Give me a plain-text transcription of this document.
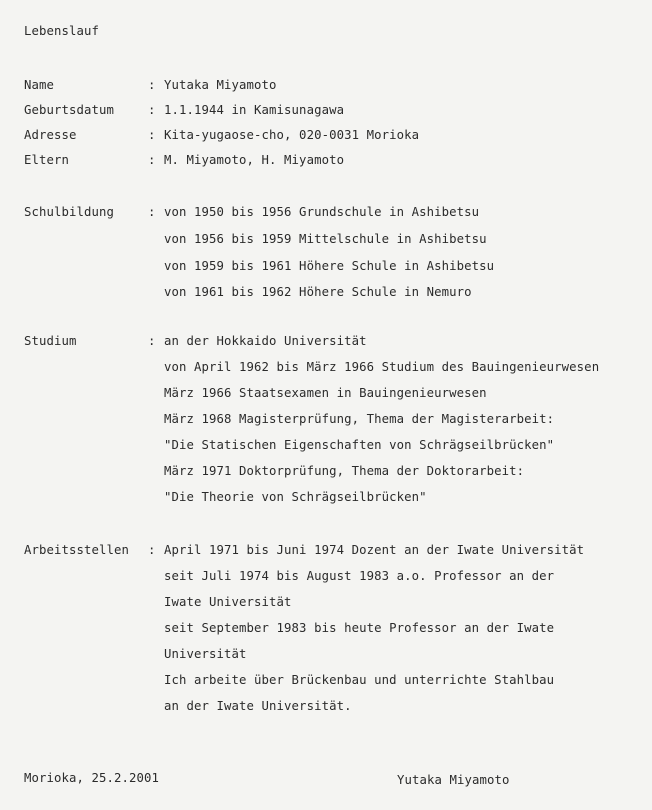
Lebenslauf
Name	: Yutaka Miyamoto
Geburtsdatum	: 1.1.1944 in Kamisunagawa
Adresse	: Kita-yugaose-cho, 020-0031 Morioka
Eltern	: M. Miyamoto, H. Miyamoto
Schulbildung	: von 1950 bis 1956 Grundschule in Ashibetsu
von 1956 bis 1959 Mittelschule in Ashibetsu
von 1959 bis 1961 Höhere Schule in Ashibetsu
von 1961 bis 1962 Höhere Schule in Nemuro
Studium	: an der Hokkaido Universität
von April 1962 bis März 1966 Studium des Bauingenieurwesen
März 1966 Staatsexamen in Bauingenieurwesen
März 1968 Magisterprüfung, Thema der Magisterarbeit:
"Die Statischen Eigenschaften von Schrägseilbrücken"
März 1971 Doktorprüfung, Thema der Doktorarbeit:
"Die Theorie von Schrägseilbrücken"
Arbeitsstellen : April 1971 bis Juni 1974 Dozent an der Iwate Universität
seit Juli 1974 bis August 1983 a.o. Professor an der
Iwate Universität
seit September 1983 bis heute Professor an der Iwate
Universität
Ich arbeite über Brückenbau und unterrichte Stahlbau
an der Iwate Universität.
Morioka, 25.2.2001	Yutaka Miyamoto
